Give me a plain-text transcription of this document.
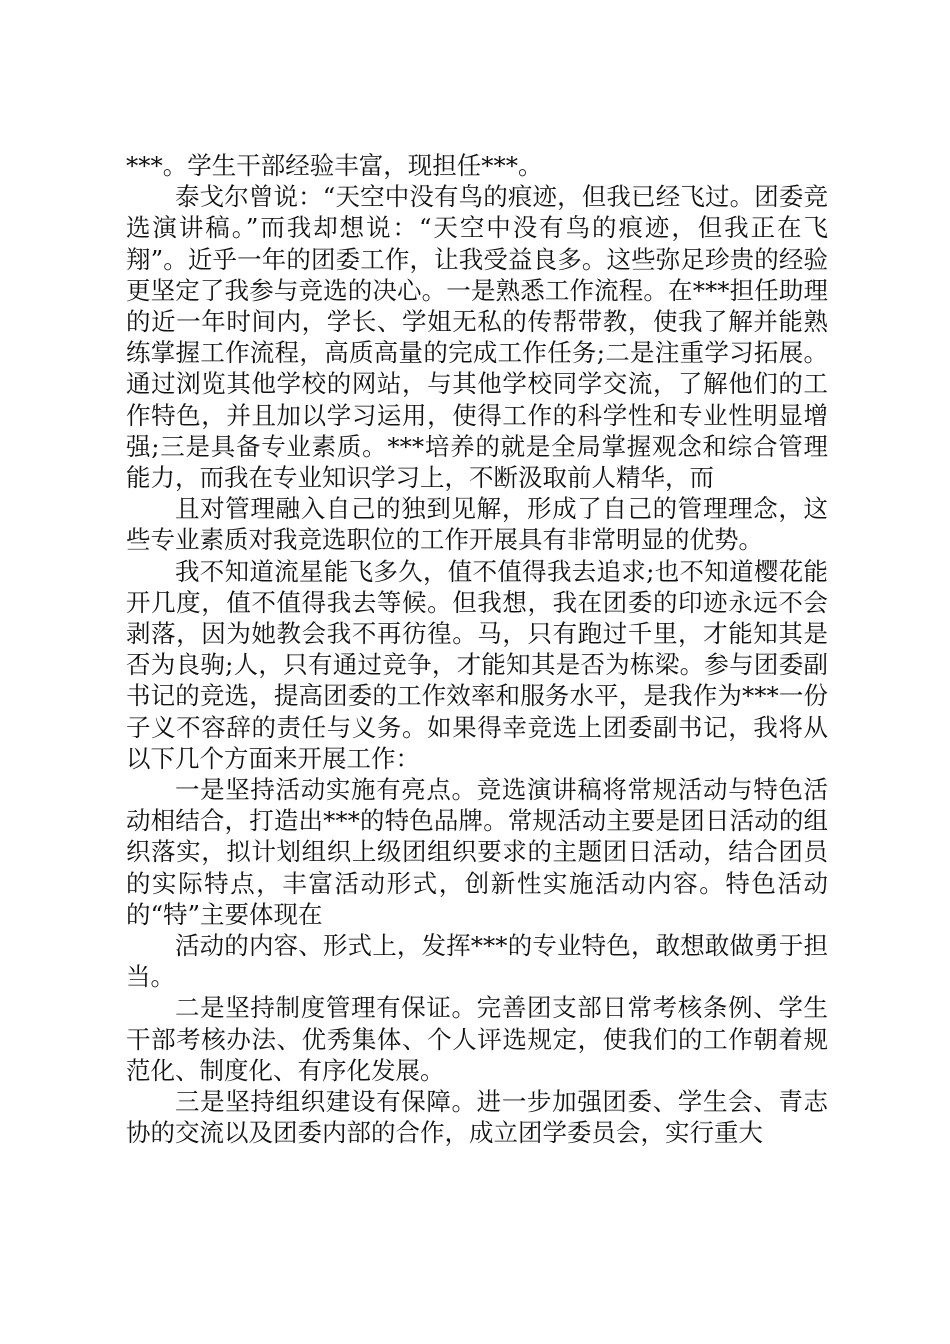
***。学生干部经验丰富，现担任***。

泰戈尔曾说：“天空中没有鸟的痕迹，但我已经飞过。团委竞选演讲稿。”而我却想说：“天空中没有鸟的痕迹，但我正在飞翔”。近乎一年的团委工作，让我受益良多。这些弥足珍贵的经验更坚定了我参与竞选的决心。一是熟悉工作流程。在***担任助理的近一年时间内，学长、学姐无私的传帮带教，使我了解并能熟练掌握工作流程，高质高量的完成工作任务;二是注重学习拓展。通过浏览其他学校的网站，与其他学校同学交流，了解他们的工作特色，并且加以学习运用，使得工作的科学性和专业性明显增强;三是具备专业素质。***培养的就是全局掌握观念和综合管理能力，而我在专业知识学习上，不断汲取前人精华，而

且对管理融入自己的独到见解，形成了自己的管理理念，这些专业素质对我竞选职位的工作开展具有非常明显的优势。

我不知道流星能飞多久，值不值得我去追求;也不知道樱花能开几度，值不值得我去等候。但我想，我在团委的印迹永远不会剥落，因为她教会我不再彷徨。马，只有跑过千里，才能知其是否为良驹;人，只有通过竞争，才能知其是否为栋梁。参与团委副书记的竞选，提高团委的工作效率和服务水平，是我作为***一份子义不容辞的责任与义务。如果得幸竞选上团委副书记，我将从以下几个方面来开展工作：

一是坚持活动实施有亮点。竞选演讲稿将常规活动与特色活动相结合，打造出***的特色品牌。常规活动主要是团日活动的组织落实，拟计划组织上级团组织要求的主题团日活动，结合团员的实际特点，丰富活动形式，创新性实施活动内容。特色活动的“特”主要体现在

活动的内容、形式上，发挥***的专业特色，敢想敢做勇于担当。

二是坚持制度管理有保证。完善团支部日常考核条例、学生干部考核办法、优秀集体、个人评选规定，使我们的工作朝着规范化、制度化、有序化发展。

三是坚持组织建设有保障。进一步加强团委、学生会、青志协的交流以及团委内部的合作，成立团学委员会，实行重大
